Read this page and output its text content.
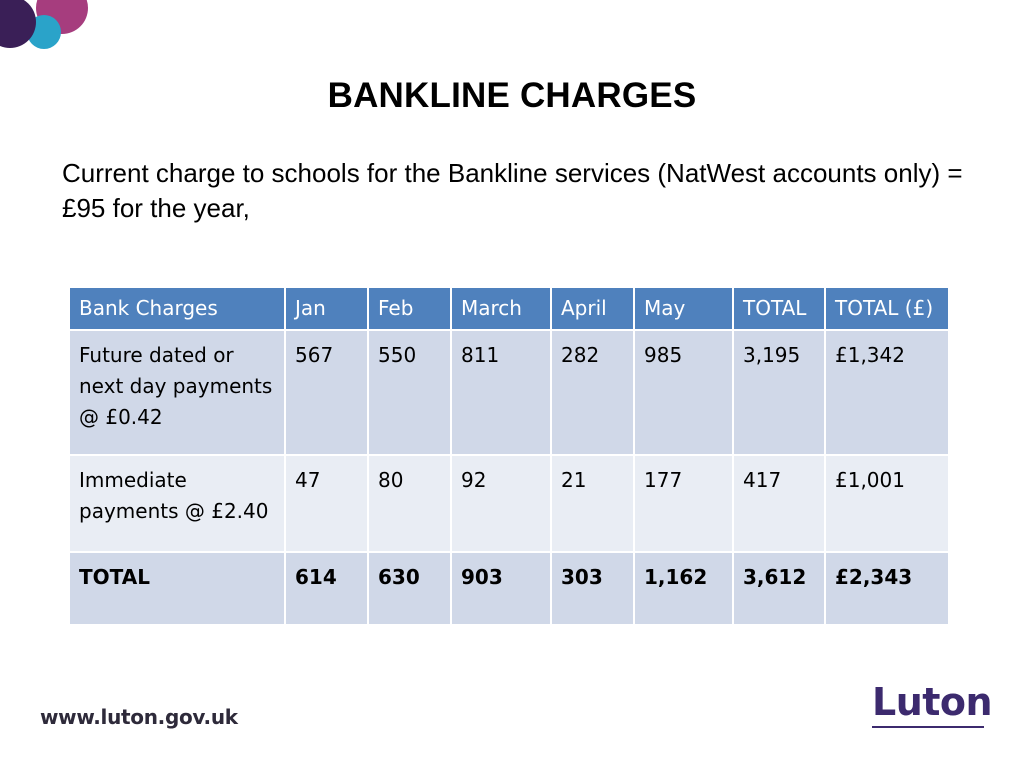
BANKLINE CHARGES
Current charge to schools for the Bankline services (NatWest accounts only) = £95 for the year,
Bank Charges	Jan	Feb	March	April	May	TOTAL	TOTAL (£)
Future dated or next day payments @ £0.42	567	550	811	282	985	3,195	£1,342
Immediate payments @ £2.40	47	80	92	21	177	417	£1,001
TOTAL	614	630	903	303	1,162	3,612	£2,343
www.luton.gov.uk	Luton
